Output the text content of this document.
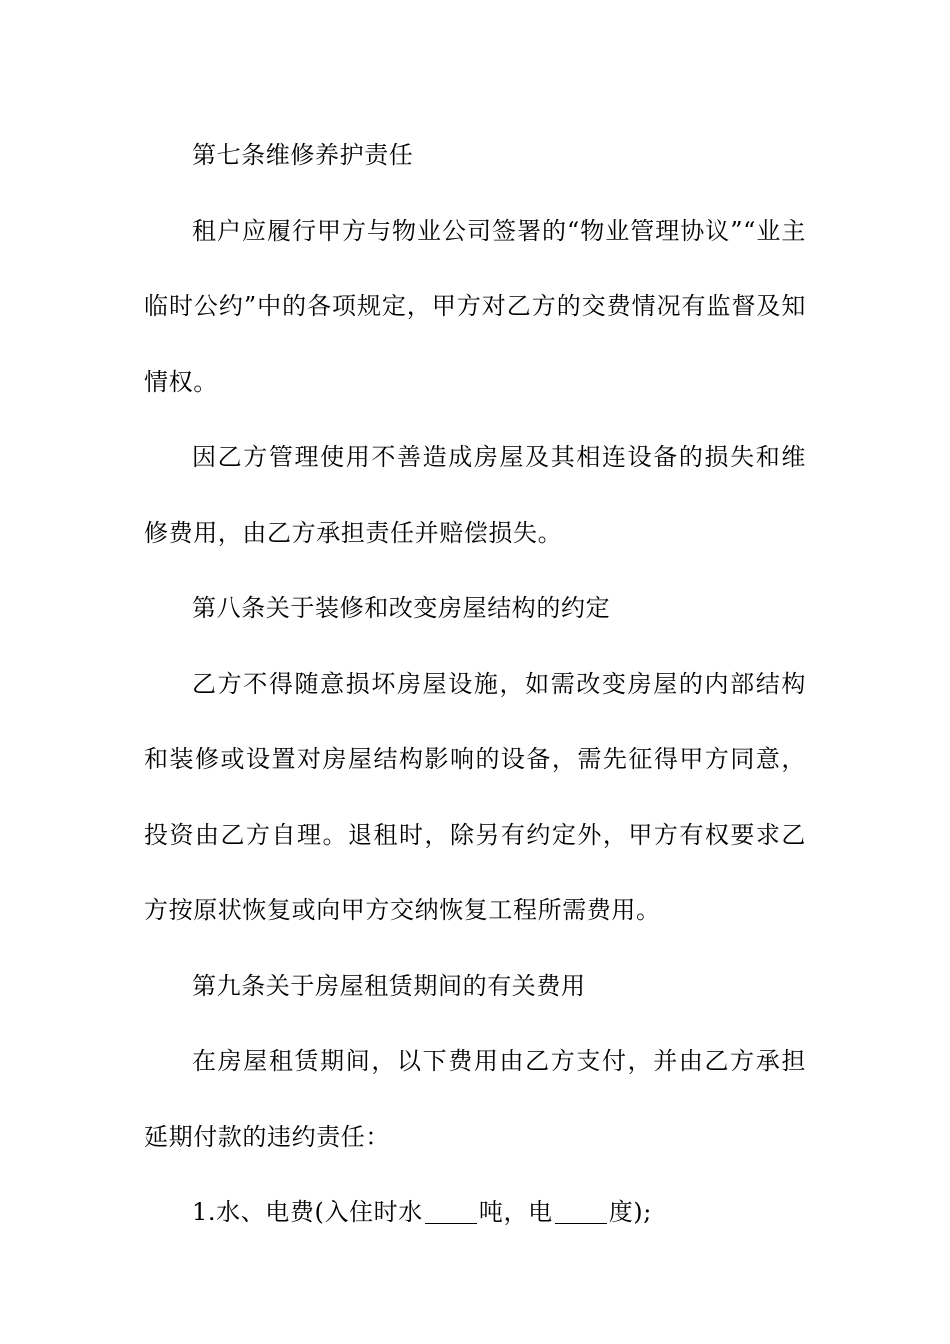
第七条维修养护责任

租户应履行甲方与物业公司签署的“物业管理协议”“业主临时公约”中的各项规定，甲方对乙方的交费情况有监督及知情权。

因乙方管理使用不善造成房屋及其相连设备的损失和维修费用，由乙方承担责任并赔偿损失。

第八条关于装修和改变房屋结构的约定

乙方不得随意损坏房屋设施，如需改变房屋的内部结构和装修或设置对房屋结构影响的设备，需先征得甲方同意，投资由乙方自理。退租时，除另有约定外，甲方有权要求乙方按原状恢复或向甲方交纳恢复工程所需费用。

第九条关于房屋租赁期间的有关费用

在房屋租赁期间，以下费用由乙方支付，并由乙方承担延期付款的违约责任：

1.水、电费(入住时水 吨，电 度);
